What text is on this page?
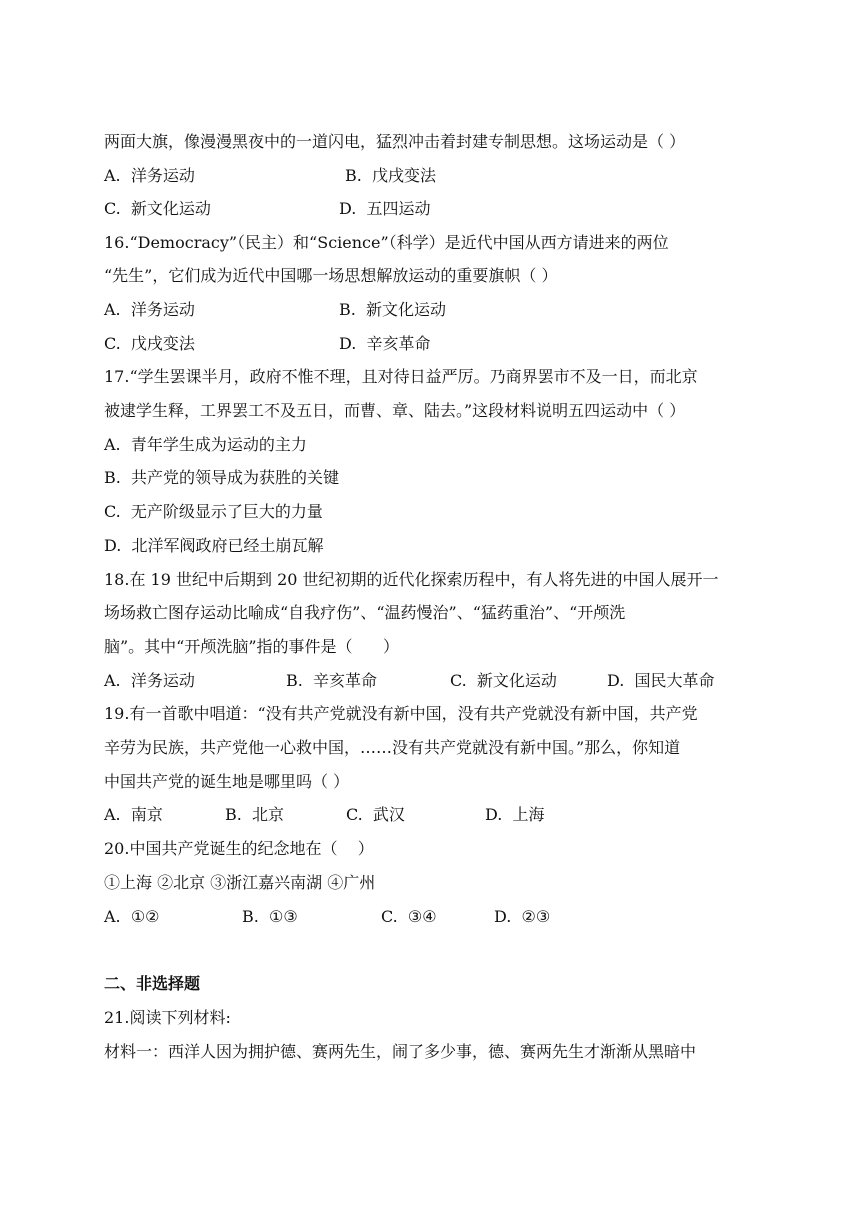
两面大旗，像漫漫黑夜中的一道闪电，猛烈冲击着封建专制思想。这场运动是（ ）
A.  洋务运动	B.  戊戌变法
C.  新文化运动	D.  五四运动
16.“Democracy”（民主）和“Science”（科学）是近代中国从西方请进来的两位
“先生”，它们成为近代中国哪一场思想解放运动的重要旗帜（ ）
A.  洋务运动	B.  新文化运动
C.  戊戌变法	D.  辛亥革命
17.“学生罢课半月，政府不惟不理，且对待日益严厉。乃商界罢市不及一日，而北京
被逮学生释，工界罢工不及五日，而曹、章、陆去。”这段材料说明五四运动中（ ）
A.  青年学生成为运动的主力
B.  共产党的领导成为获胜的关键
C.  无产阶级显示了巨大的力量
D.  北洋军阀政府已经土崩瓦解
18.在 19 世纪中后期到 20 世纪初期的近代化探索历程中，有人将先进的中国人展开一
场场救亡图存运动比喻成“自我疗伤”、“温药慢治”、“猛药重治”、“开颅洗
脑”。其中“开颅洗脑”指的事件是（      ）
A.  洋务运动	B.  辛亥革命	C.  新文化运动	D.  国民大革命
19.有一首歌中唱道：“没有共产党就没有新中国，没有共产党就没有新中国，共产党
辛劳为民族，共产党他一心救中国，……没有共产党就没有新中国。”那么，你知道
中国共产党的诞生地是哪里吗（ ）
A.  南京	B.  北京	C.  武汉	D.  上海
20.中国共产党诞生的纪念地在（    ）
①上海 ②北京 ③浙江嘉兴南湖 ④广州
A.  ①②	B.  ①③	C.  ③④	D.  ②③
二、非选择题
21.阅读下列材料:
材料一：西洋人因为拥护德、赛两先生，闹了多少事，德、赛两先生才渐渐从黑暗中
